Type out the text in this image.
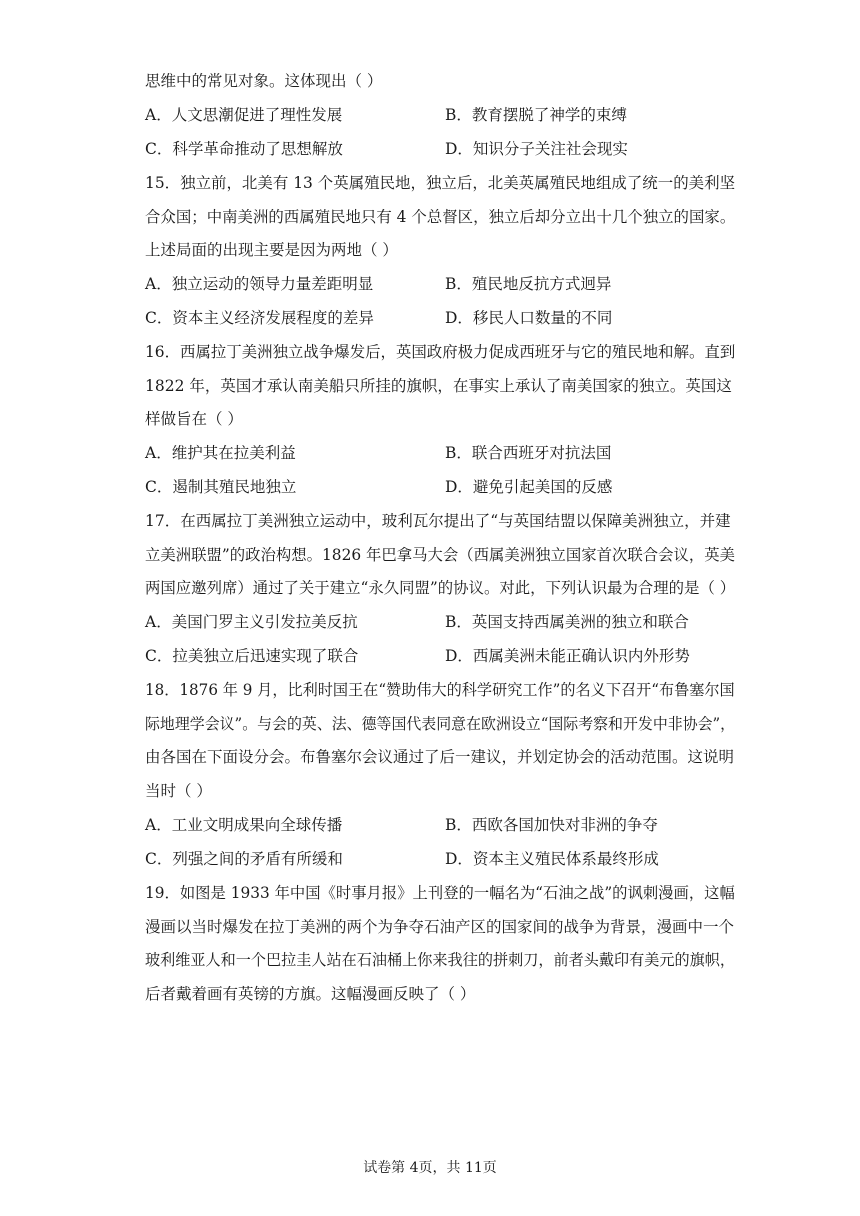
思维中的常见对象。这体现出（ ）
A．人文思潮促进了理性发展	B．教育摆脱了神学的束缚
C．科学革命推动了思想解放	D．知识分子关注社会现实
15．独立前，北美有 13 个英属殖民地，独立后，北美英属殖民地组成了统一的美利坚
合众国；中南美洲的西属殖民地只有 4 个总督区，独立后却分立出十几个独立的国家。
上述局面的出现主要是因为两地（ ）
A．独立运动的领导力量差距明显	B．殖民地反抗方式迥异
C．资本主义经济发展程度的差异	D．移民人口数量的不同
16．西属拉丁美洲独立战争爆发后，英国政府极力促成西班牙与它的殖民地和解。直到
1822 年，英国才承认南美船只所挂的旗帜，在事实上承认了南美国家的独立。英国这
样做旨在（ ）
A．维护其在拉美利益	B．联合西班牙对抗法国
C．遏制其殖民地独立	D．避免引起美国的反感
17．在西属拉丁美洲独立运动中，玻利瓦尔提出了“与英国结盟以保障美洲独立，并建
立美洲联盟”的政治构想。1826 年巴拿马大会（西属美洲独立国家首次联合会议，英美
两国应邀列席）通过了关于建立“永久同盟”的协议。对此，下列认识最为合理的是（ ）
A．美国门罗主义引发拉美反抗	B．英国支持西属美洲的独立和联合
C．拉美独立后迅速实现了联合	D．西属美洲未能正确认识内外形势
18．1876 年 9 月，比利时国王在“赞助伟大的科学研究工作”的名义下召开“布鲁塞尔国
际地理学会议”。与会的英、法、德等国代表同意在欧洲设立“国际考察和开发中非协会”，
由各国在下面设分会。布鲁塞尔会议通过了后一建议，并划定协会的活动范围。这说明
当时（ ）
A．工业文明成果向全球传播	B．西欧各国加快对非洲的争夺
C．列强之间的矛盾有所缓和	D．资本主义殖民体系最终形成
19．如图是 1933 年中国《时事月报》上刊登的一幅名为“石油之战”的讽刺漫画，这幅
漫画以当时爆发在拉丁美洲的两个为争夺石油产区的国家间的战争为背景，漫画中一个
玻利维亚人和一个巴拉圭人站在石油桶上你来我往的拼刺刀，前者头戴印有美元的旗帜，
后者戴着画有英镑的方旗。这幅漫画反映了（ ）
试卷第 4页，共 11页
